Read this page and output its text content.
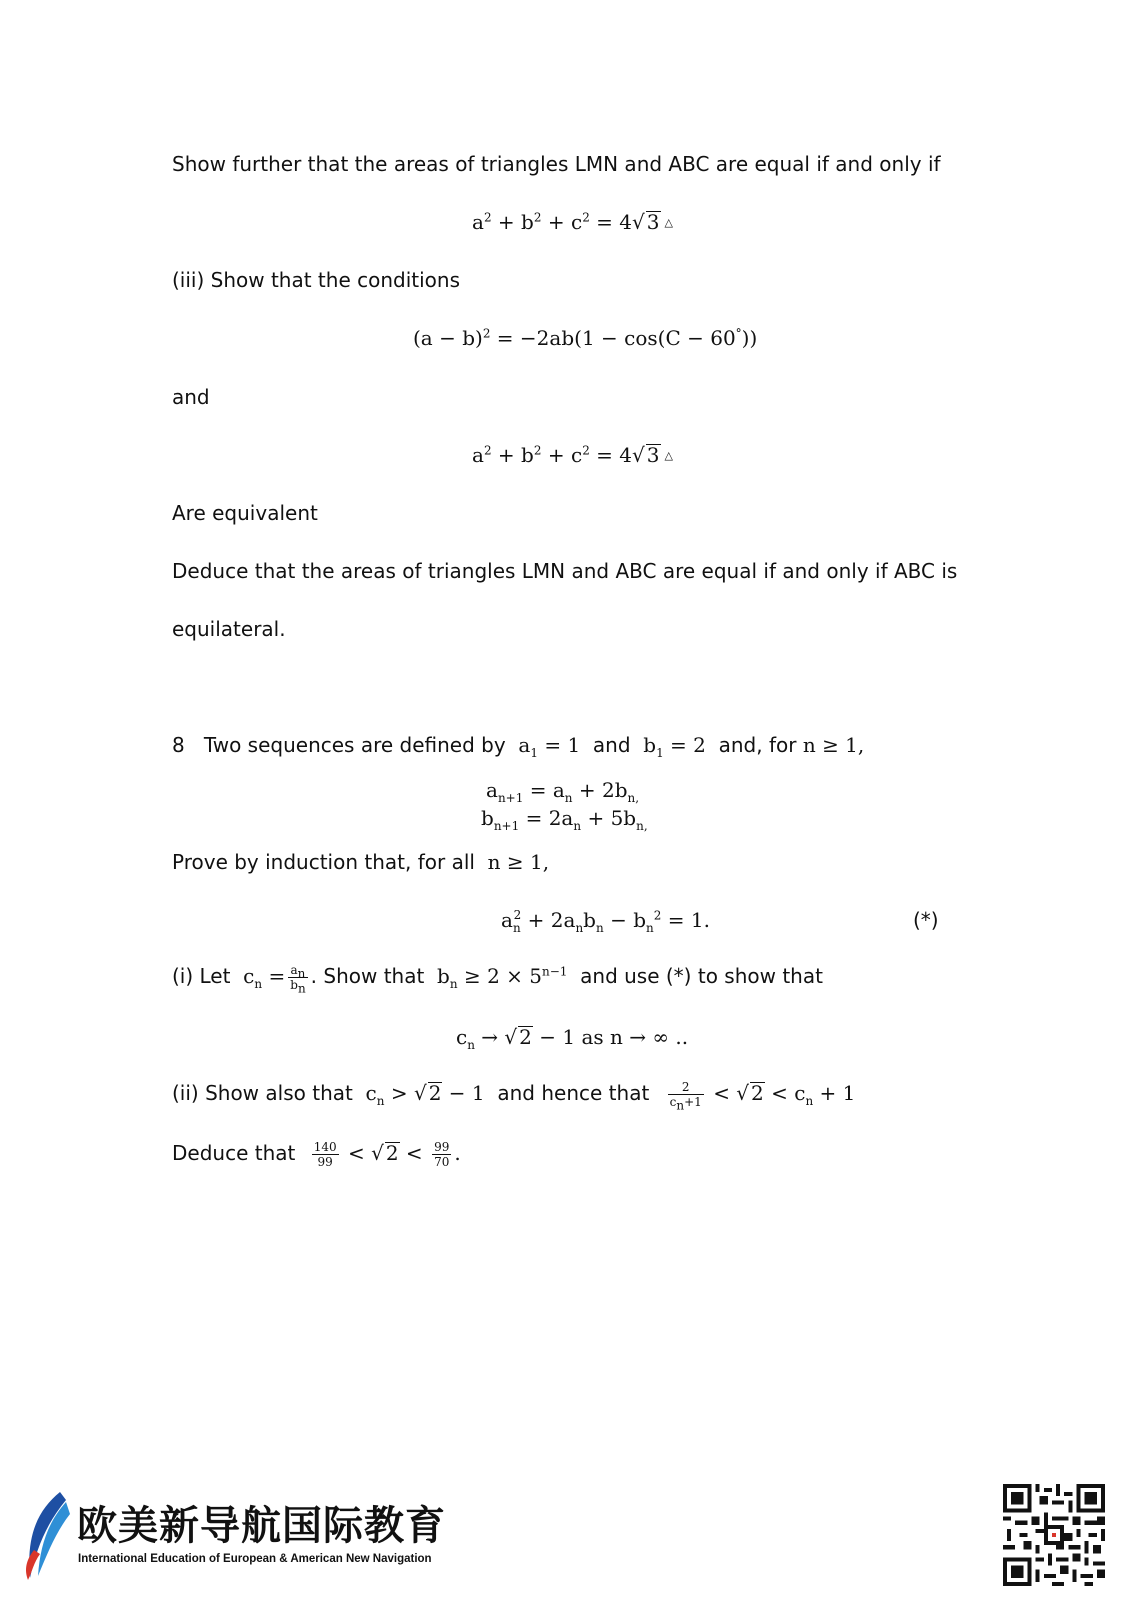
Show further that the areas of triangles LMN and ABC are equal if and only if
$a^2 + b^2 + c^2 = 4√$ 3 △
(iii) Show that the conditions
$(a - b)^2 = -2ab(1 - \cos(C - 60^\circ))$
and
$a^2 + b^2 + c^2 = 4√$ 3 △
Are equivalent
Deduce that the areas of triangles LMN and ABC are equal if and only if ABC is
equilateral.
8 Two sequences are defined by  $a_1 = 1$  and  $b_1 = 2$  and, for n ≥ 1,
$a_{n+1} = a_n + 2b_{n,}$
$b_{n+1} = 2a_n + 5b_{n,}$
Prove by induction that, for all n ≥ 1,
$a_n^2 + 2a_nb_n - b_n^2 = 1$.	(*)
(i) Let  $c_n = \frac{a_n}{b_n}$ . Show that  $b_n \ge 2 \times 5^{n-1}$ and use (*) to show that
$c_n$ → √ 2 − 1 as n → ∞ ..
(ii) Show also that  $c_n$ > √ 2 − 1  and hence that $\frac{2}{c_n+1}$ < √ $2 < c_n + 1$
Deduce that $\frac{140}{99}$ < √ $2 < \frac{99}{70}$ .
欧美新导航国际教育
International Education of European & American New Navigation
